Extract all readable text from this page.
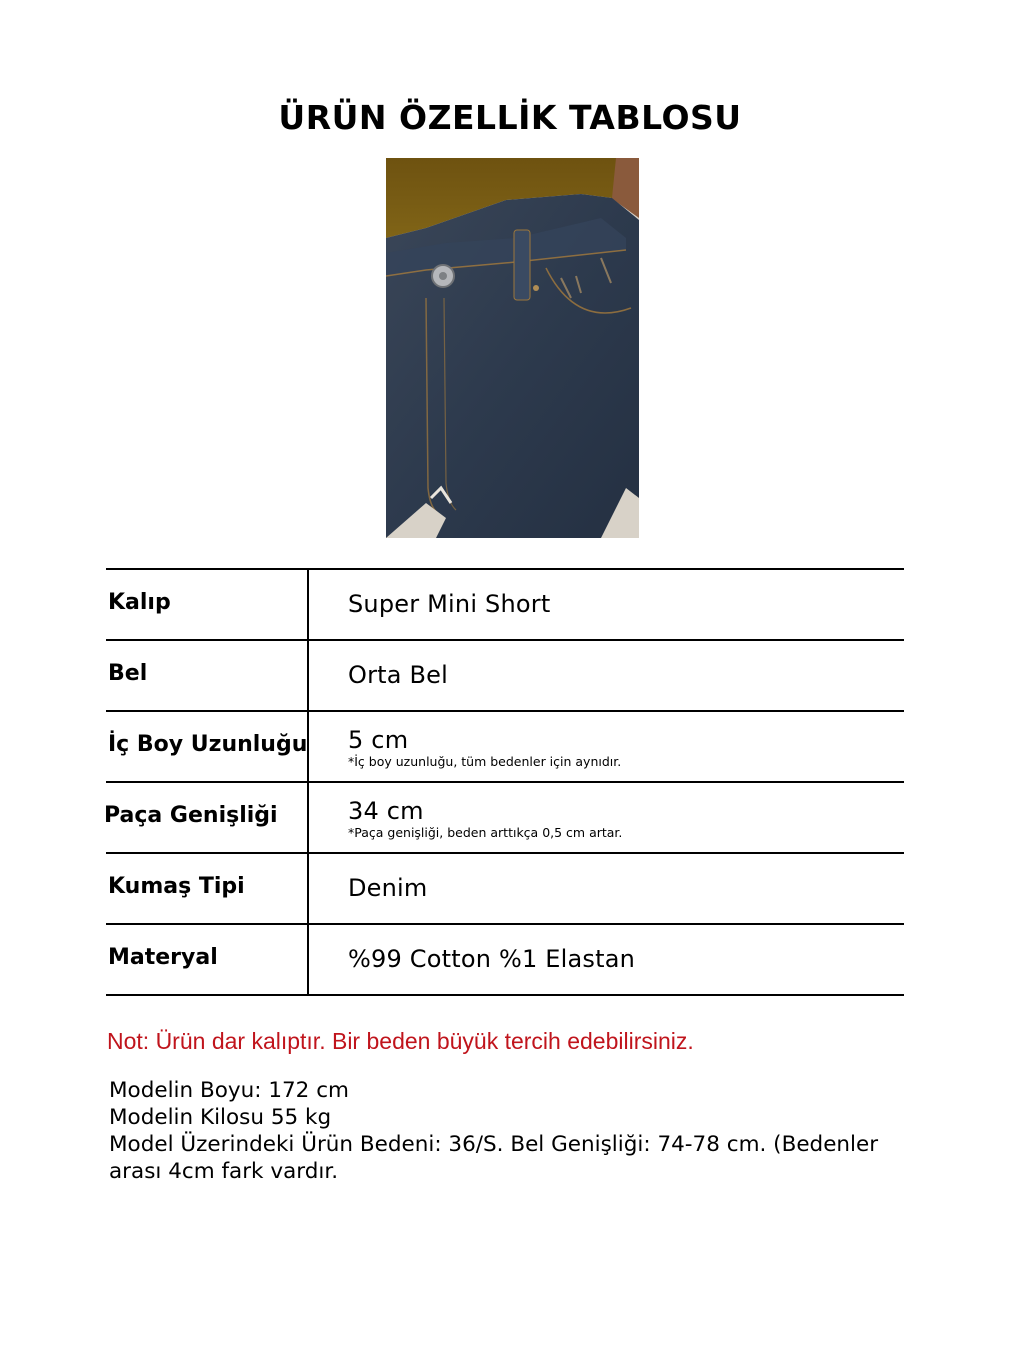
ÜRÜN ÖZELLİK TABLOSU
Kalıp	Super Mini Short
Bel	Orta Bel
İç Boy Uzunluğu 5 cm
*İç boy uzunluğu, tüm bedenler için aynıdır.
Paça Genişliği	34 cm
*Paça genişliği, beden arttıkça 0,5 cm artar.
Kumaş Tipi	Denim
Materyal	%99 Cotton %1 Elastan
Not: Ürün dar kalıptır. Bir beden büyük tercih edebilirsiniz.
Modelin Boyu: 172 cm
Modelin Kilosu 55 kg
Model Üzerindeki Ürün Bedeni: 36/S. Bel Genişliği: 74-78 cm. (Bedenler
arası 4cm fark vardır.
